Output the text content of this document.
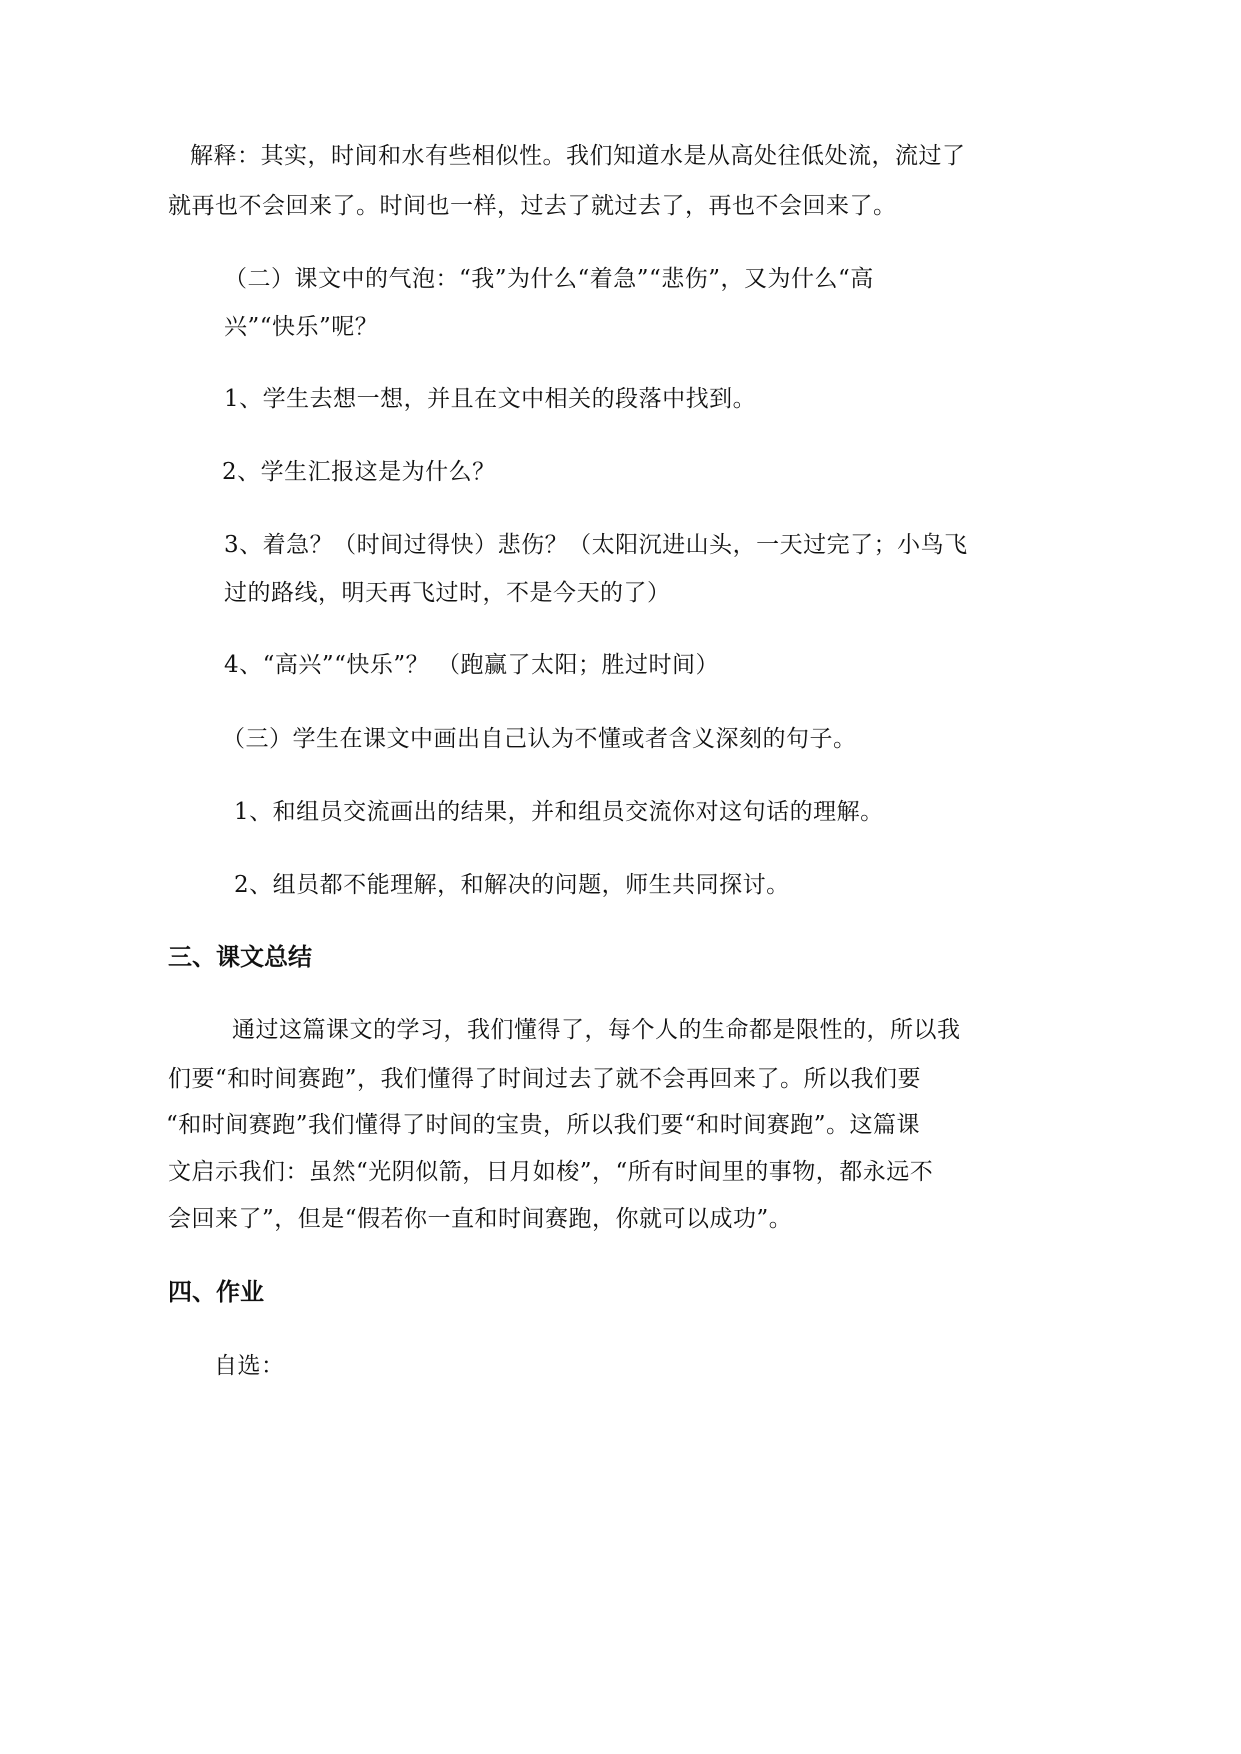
解释：其实，时间和水有些相似性。我们知道水是从高处往低处流，流过了
就再也不会回来了。时间也一样，过去了就过去了，再也不会回来了。
（二）课文中的气泡：“我”为什么“着急”“悲伤”，又为什么“高
兴”“快乐”呢？
1、学生去想一想，并且在文中相关的段落中找到。
2、学生汇报这是为什么？
3、着急？（时间过得快）悲伤？（太阳沉进山头，一天过完了；小鸟飞
过的路线，明天再飞过时，不是今天的了）
4、“高兴”“快乐”？ （跑赢了太阳；胜过时间）
（三）学生在课文中画出自己认为不懂或者含义深刻的句子。
1、和组员交流画出的结果，并和组员交流你对这句话的理解。
2、组员都不能理解，和解决的问题，师生共同探讨。
三、课文总结
通过这篇课文的学习，我们懂得了，每个人的生命都是限性的，所以我
们要“和时间赛跑”，我们懂得了时间过去了就不会再回来了。所以我们要
“和时间赛跑”我们懂得了时间的宝贵，所以我们要“和时间赛跑”。这篇课
文启示我们：虽然“光阴似箭，日月如梭”，“所有时间里的事物，都永远不
会回来了”，但是“假若你一直和时间赛跑，你就可以成功”。
四、作业
自选：
